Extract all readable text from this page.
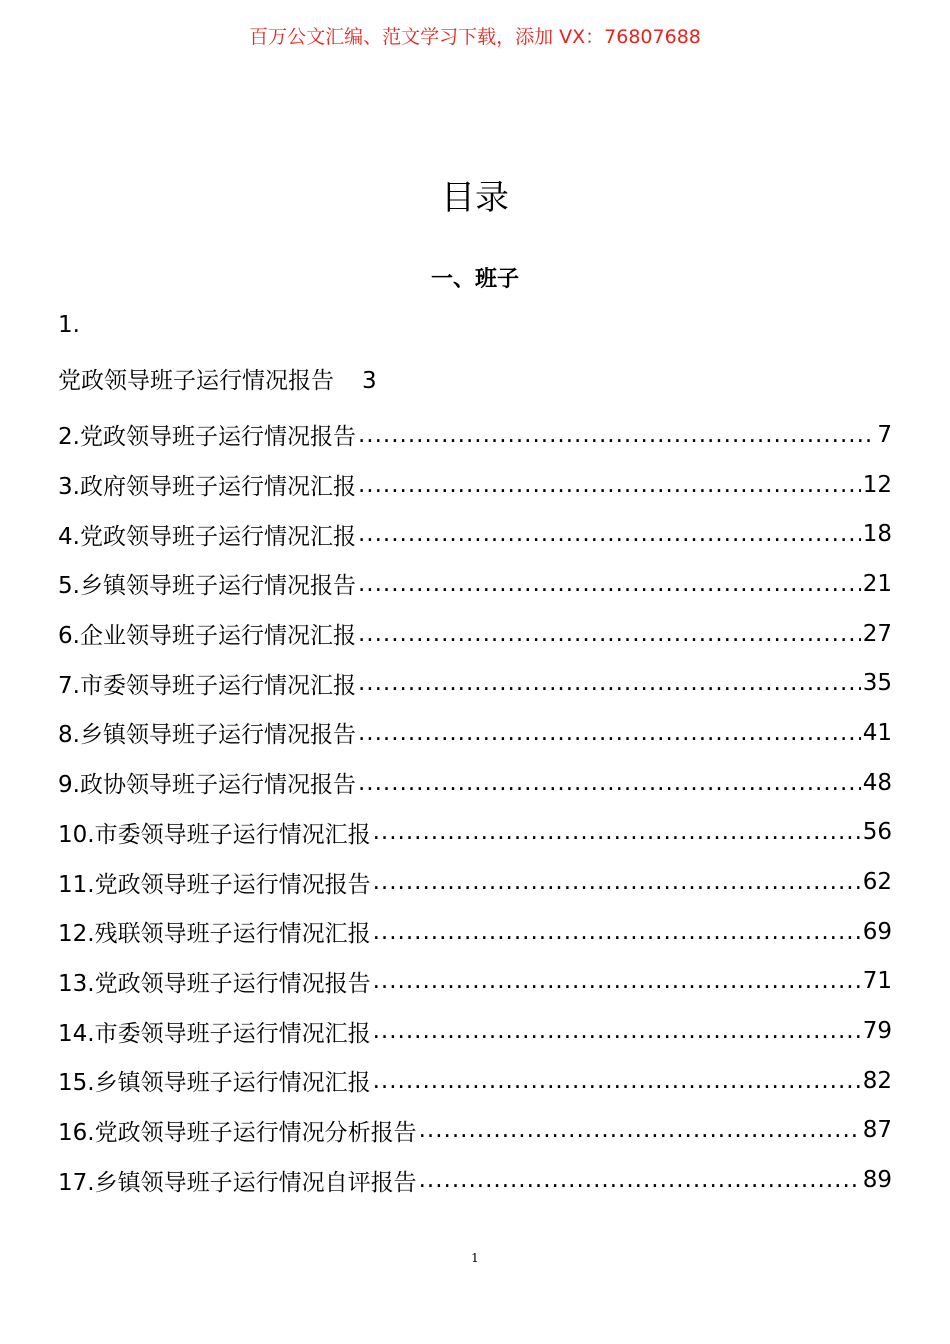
百万公文汇编、范文学习下载，添加 VX：76807688
目录
一、班子
1.
党政领导班子运行情况报告 3
2.党政领导班子运行情况报告 .....	7
3.政府领导班子运行情况汇报 .....	12
4.党政领导班子运行情况汇报 .....	18
5.乡镇领导班子运行情况报告 .....	21
6.企业领导班子运行情况汇报 .....	27
7.市委领导班子运行情况汇报 .....	35
8.乡镇领导班子运行情况报告 .....	41
9.政协领导班子运行情况报告 .....	48
10.市委领导班子运行情况汇报 .....	56
11.党政领导班子运行情况报告 .....	62
12.残联领导班子运行情况汇报 .....	69
13.党政领导班子运行情况报告 .....	71
14.市委领导班子运行情况汇报 .....	79
15.乡镇领导班子运行情况汇报 .....	82
16.党政领导班子运行情况分析报告 .....	87
17.乡镇领导班子运行情况自评报告 .....	89
1
